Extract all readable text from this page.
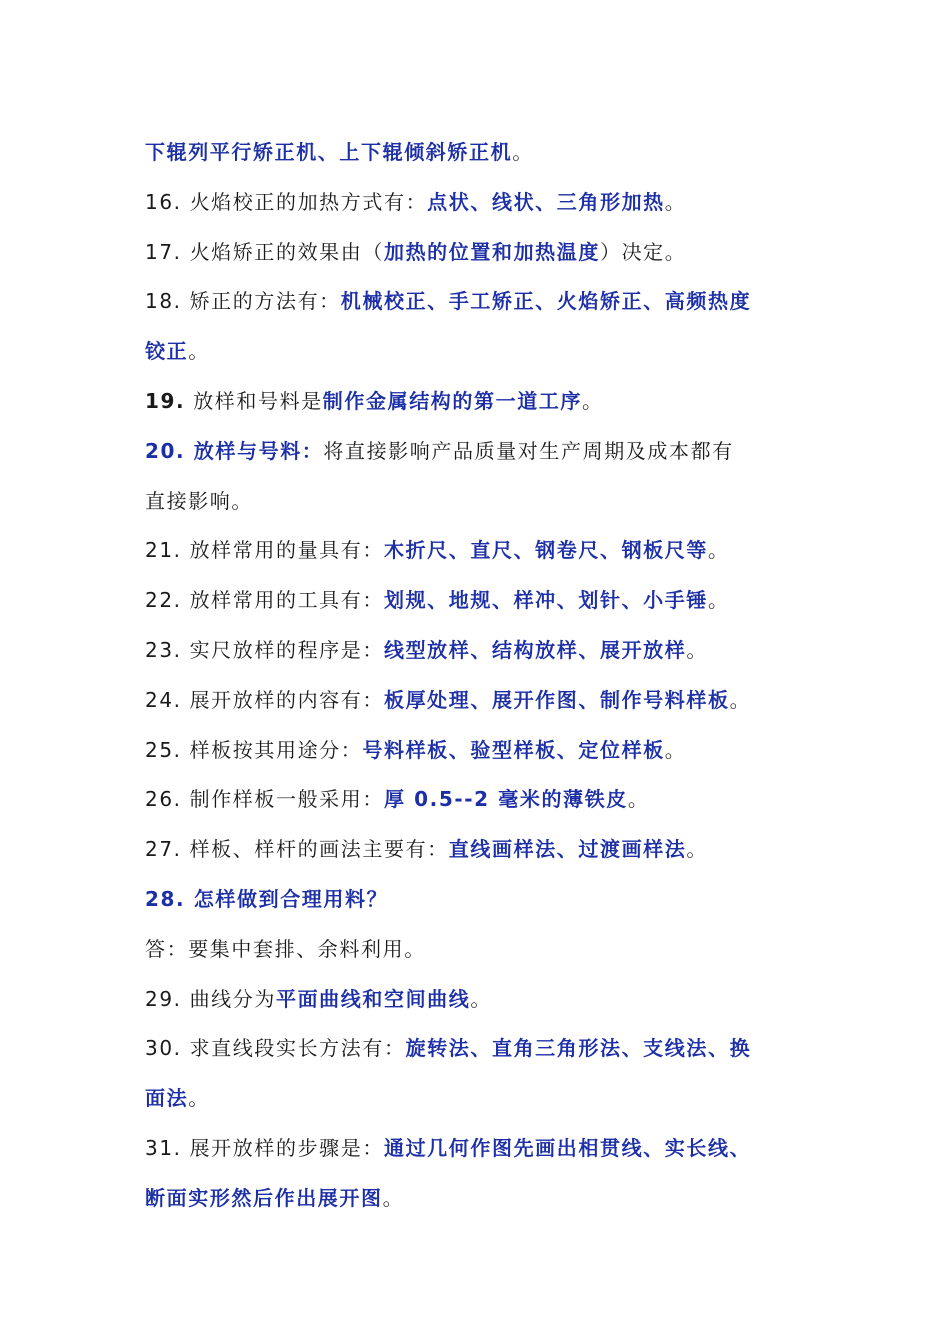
下辊列平行矫正机、上下辊倾斜矫正机。
16. 火焰校正的加热方式有：点状、线状、三角形加热。
17. 火焰矫正的效果由（加热的位置和加热温度）决定。
18. 矫正的方法有：机械校正、手工矫正、火焰矫正、高频热度
铰正。
19. 放样和号料是制作金属结构的第一道工序。
20. 放样与号料：将直接影响产品质量对生产周期及成本都有
直接影响。
21. 放样常用的量具有：木折尺、直尺、钢卷尺、钢板尺等。
22. 放样常用的工具有：划规、地规、样冲、划针、小手锤。
23. 实尺放样的程序是：线型放样、结构放样、展开放样。
24. 展开放样的内容有：板厚处理、展开作图、制作号料样板。
25. 样板按其用途分：号料样板、验型样板、定位样板。
26. 制作样板一般采用：厚 0.5--2 毫米的薄铁皮。
27. 样板、样杆的画法主要有：直线画样法、过渡画样法。
28. 怎样做到合理用料？
答：要集中套排、余料利用。
29. 曲线分为平面曲线和空间曲线。
30. 求直线段实长方法有：旋转法、直角三角形法、支线法、换
面法。
31. 展开放样的步骤是：通过几何作图先画出相贯线、实长线、
断面实形然后作出展开图。
